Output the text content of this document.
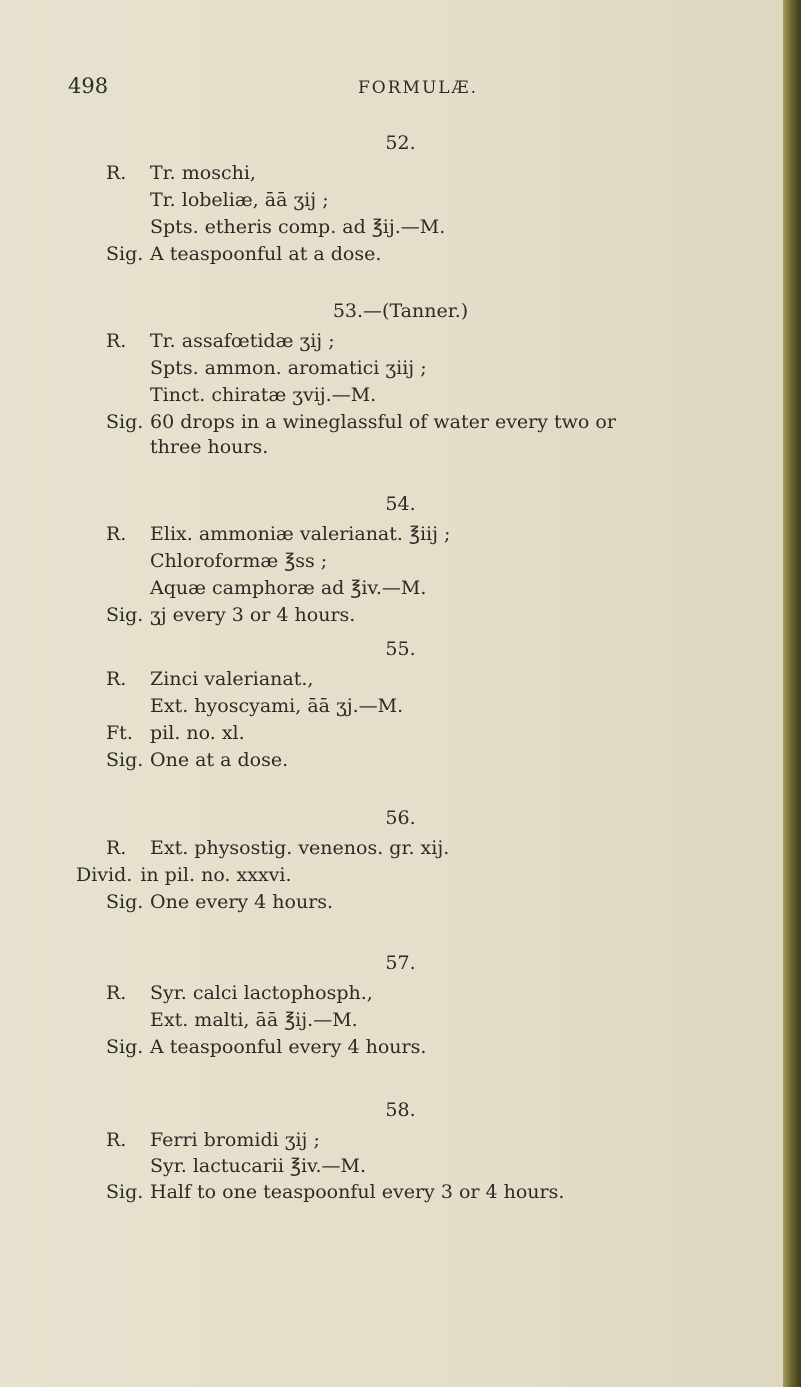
498	FORMULÆ.
52.
R. Tr. moschi,
Tr. lobeliæ, āā ʒij ;
Spts. etheris comp. ad ℥ij.—M.
Sig. A teaspoonful at a dose.
53.—(Tanner.)
R. Tr. assafœtidæ ʒij ;
Spts. ammon. aromatici ʒiij ;
Tinct. chiratæ ʒvij.—M.
Sig. 60 drops in a wineglassful of water every two or
three hours.
54.
R. Elix. ammoniæ valerianat. ℥iij ;
Chloroformæ ℥ss ;
Aquæ camphoræ ad ℥iv.—M.
Sig. ʒj every 3 or 4 hours.
55.
R. Zinci valerianat.,
Ext. hyoscyami, āā ʒj.—M.
Ft. pil. no. xl.
Sig. One at a dose.
56.
R. Ext. physostig. venenos. gr. xij.
Divid. in pil. no. xxxvi.
Sig. One every 4 hours.
57.
R. Syr. calci lactophosph.,
Ext. malti, āā ℥ij.—M.
Sig. A teaspoonful every 4 hours.
58.
R. Ferri bromidi ʒij ;
Syr. lactucarii ℥iv.—M.
Sig. Half to one teaspoonful every 3 or 4 hours.
